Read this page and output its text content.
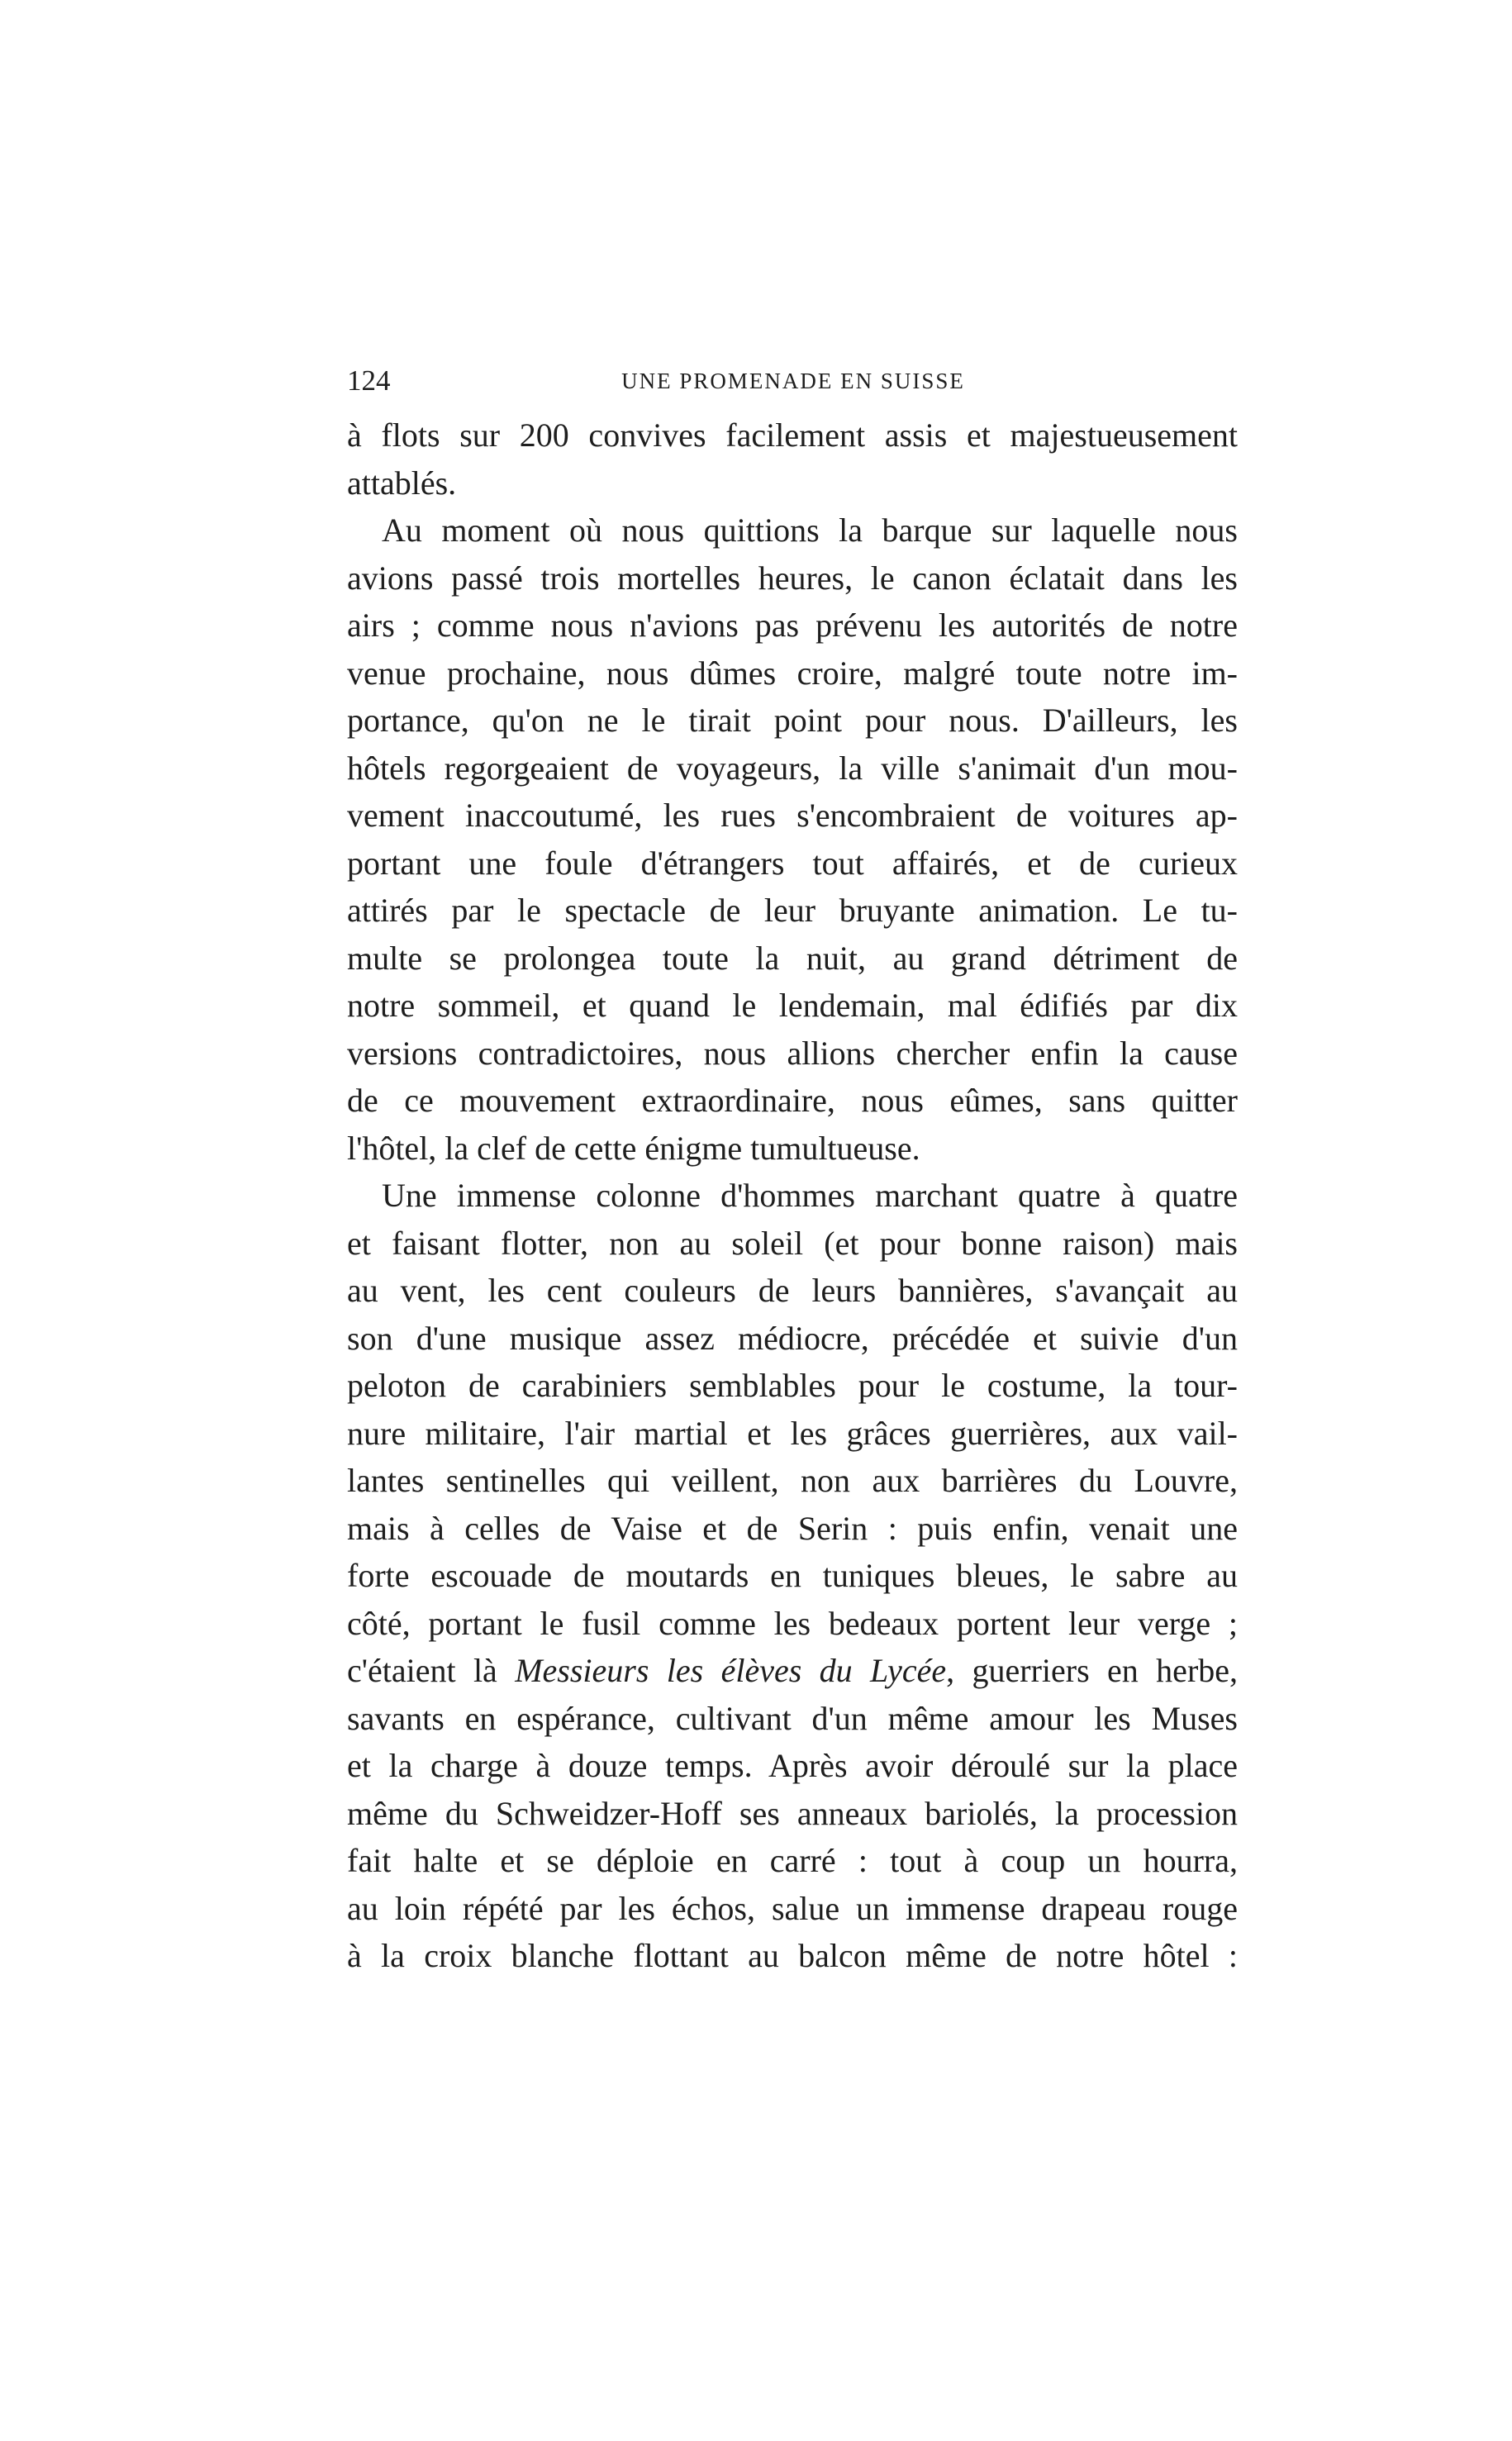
124	UNE PROMENADE EN SUISSE

à flots sur 200 convives facilement assis et majestueusement
attablés.

Au moment où nous quittions la barque sur laquelle nous
avions passé trois mortelles heures, le canon éclatait dans les
airs ; comme nous n'avions pas prévenu les autorités de notre
venue prochaine, nous dûmes croire, malgré toute notre im-
portance, qu'on ne le tirait point pour nous. D'ailleurs, les
hôtels regorgeaient de voyageurs, la ville s'animait d'un mou-
vement inaccoutumé, les rues s'encombraient de voitures ap-
portant une foule d'étrangers tout affairés, et de curieux
attirés par le spectacle de leur bruyante animation. Le tu-
multe se prolongea toute la nuit, au grand détriment de
notre sommeil, et quand le lendemain, mal édifiés par dix
versions contradictoires, nous allions chercher enfin la cause
de ce mouvement extraordinaire, nous eûmes, sans quitter
l'hôtel, la clef de cette énigme tumultueuse.

Une immense colonne d'hommes marchant quatre à quatre
et faisant flotter, non au soleil (et pour bonne raison) mais
au vent, les cent couleurs de leurs bannières, s'avançait au
son d'une musique assez médiocre, précédée et suivie d'un
peloton de carabiniers semblables pour le costume, la tour-
nure militaire, l'air martial et les grâces guerrières, aux vail-
lantes sentinelles qui veillent, non aux barrières du Louvre,
mais à celles de Vaise et de Serin : puis enfin, venait une
forte escouade de moutards en tuniques bleues, le sabre au
côté, portant le fusil comme les bedeaux portent leur verge ;
c'étaient là Messieurs les élèves du Lycée, guerriers en herbe,
savants en espérance, cultivant d'un même amour les Muses
et la charge à douze temps. Après avoir déroulé sur la place
même du Schweidzer-Hoff ses anneaux bariolés, la procession
fait halte et se déploie en carré : tout à coup un hourra,
au loin répété par les échos, salue un immense drapeau rouge
à la croix blanche flottant au balcon même de notre hôtel :
